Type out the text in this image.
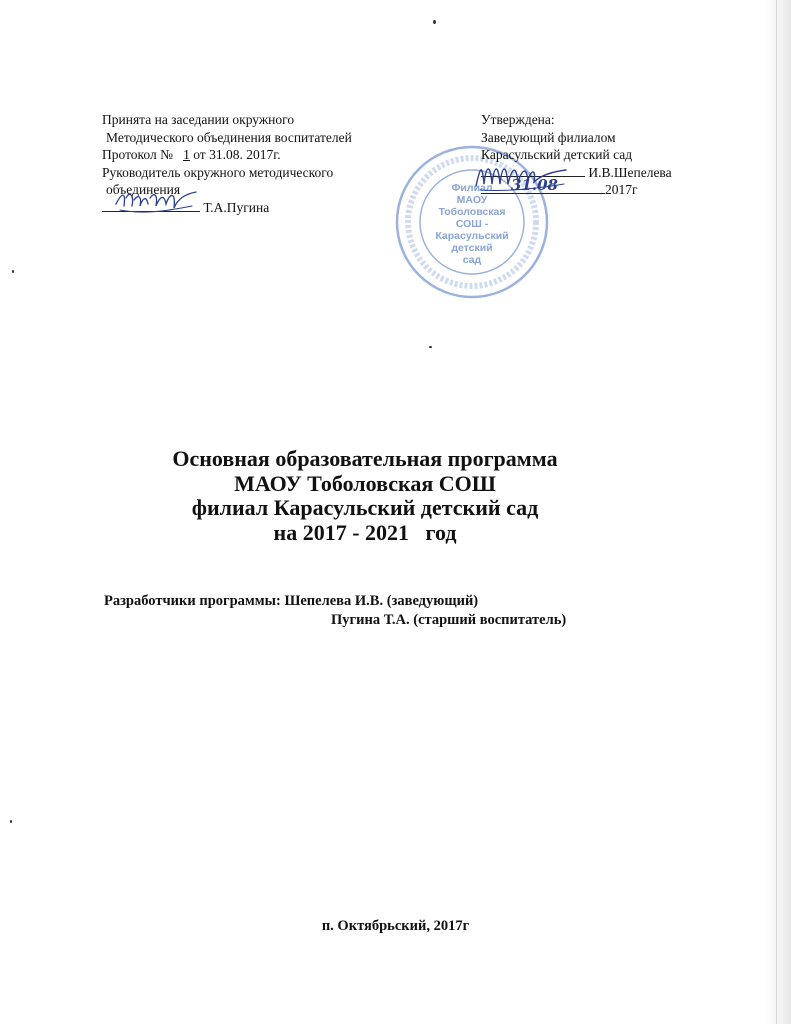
Принята на заседании окружного
Методического объединения воспитателей
Протокол № 1 от 31.08. 2017г.
Руководитель окружного методического
объединения
Т.А.Пугина
Филиал
МАОУ
Тоболовская
СОШ -
Карасульский
детский
сад
Утверждена:
Заведующий филиалом
Карасульский детский сад
И.В.Шепелева
31.08	2017г
Основная образовательная программа
МАОУ Тоболовская СОШ
филиал Карасульский детский сад
на 2017 - 2021   год
Разработчики программы: Шепелева И.В. (заведующий)
Пугина Т.А. (старший воспитатель)
п. Октябрьский, 2017г
